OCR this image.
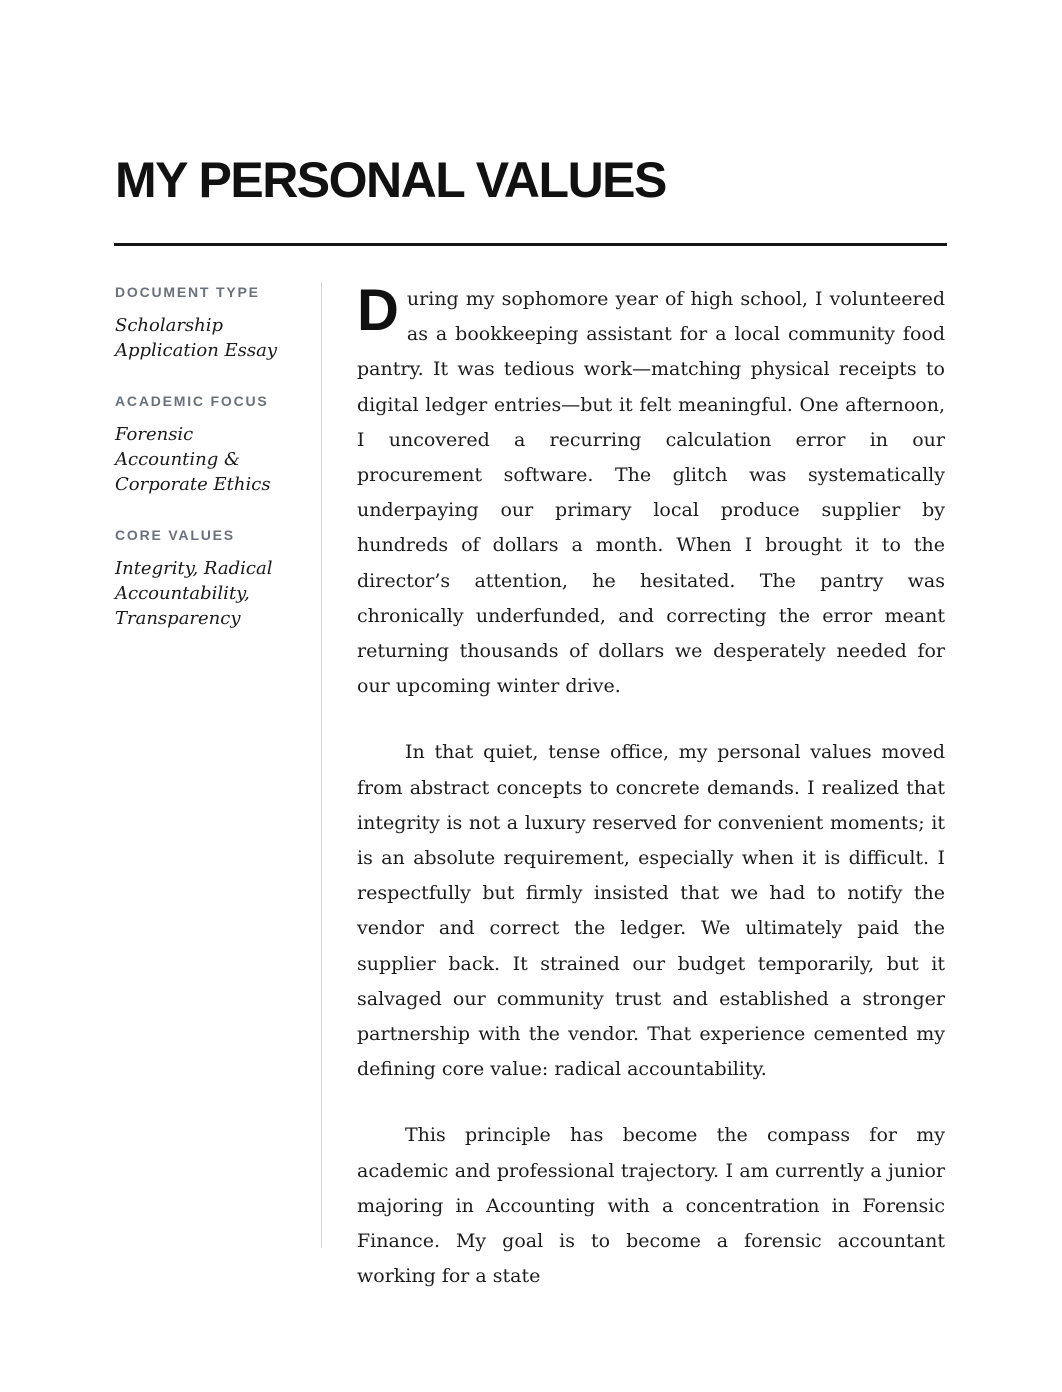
MY PERSONAL VALUES
DOCUMENT TYPE
Scholarship Application Essay
ACADEMIC FOCUS
Forensic Accounting & Corporate Ethics
CORE VALUES
Integrity, Radical Accountability, Transparency

During my sophomore year of high school, I volunteered as a bookkeeping assistant for a local community food pantry. It was tedious work—matching physical receipts to digital ledger entries—but it felt meaningful. One afternoon, I uncovered a recurring calculation error in our procurement software. The glitch was systematically underpaying our primary local produce supplier by hundreds of dollars a month. When I brought it to the director’s attention, he hesitated. The pantry was chronically underfunded, and correcting the error meant returning thousands of dollars we desperately needed for our upcoming winter drive.

In that quiet, tense office, my personal values moved from abstract concepts to concrete demands. I realized that integrity is not a luxury reserved for convenient moments; it is an absolute requirement, especially when it is difficult. I respectfully but firmly insisted that we had to notify the vendor and correct the ledger. We ultimately paid the supplier back. It strained our budget temporarily, but it salvaged our community trust and established a stronger partnership with the vendor. That experience cemented my defining core value: radical accountability.

This principle has become the compass for my academic and professional trajectory. I am currently a junior majoring in Accounting with a concentration in Forensic Finance. My goal is to become a forensic accountant working for a state
